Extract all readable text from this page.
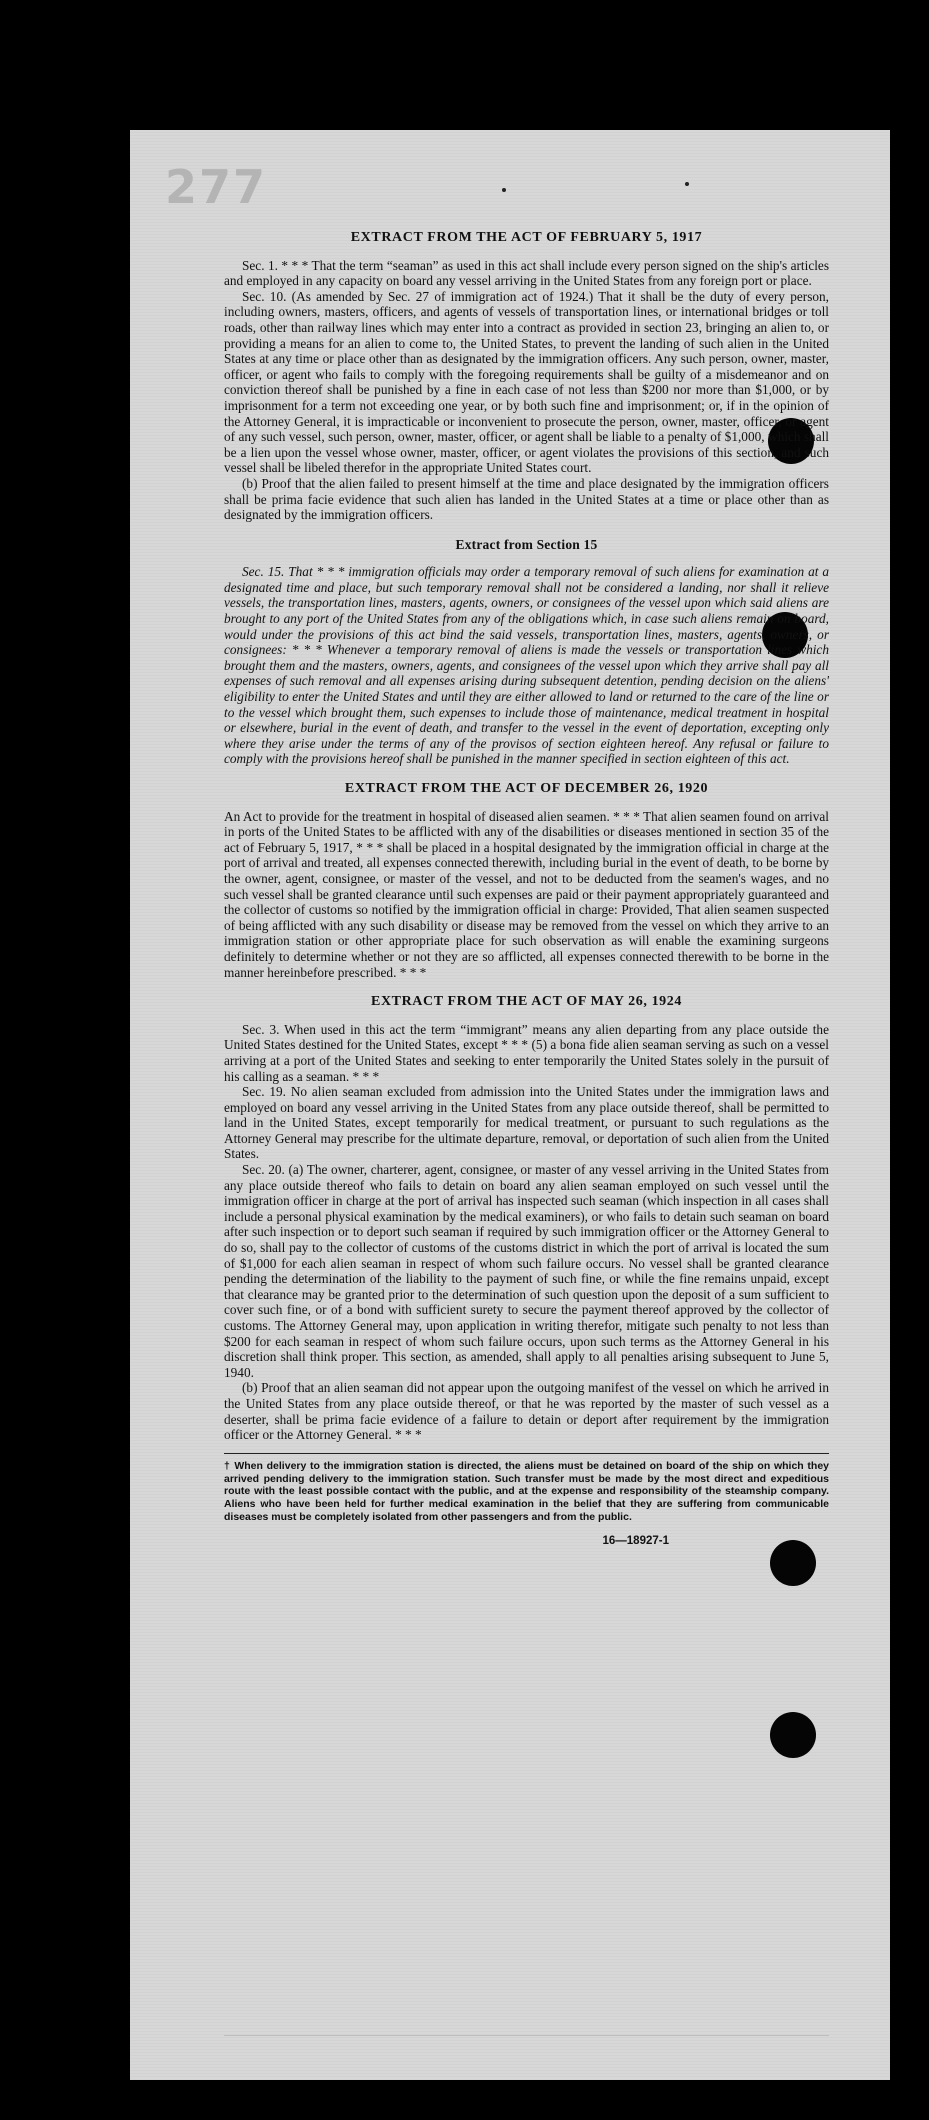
277
EXTRACT FROM THE ACT OF FEBRUARY 5, 1917

Sec. 1. * * * That the term “seaman” as used in this act shall include every person signed on the ship's articles and employed in any capacity on board any vessel arriving in the United States from any foreign port or place.

Sec. 10. (As amended by Sec. 27 of immigration act of 1924.) That it shall be the duty of every person, including owners, masters, officers, and agents of vessels of transportation lines, or international bridges or toll roads, other than railway lines which may enter into a contract as provided in section 23, bringing an alien to, or providing a means for an alien to come to, the United States, to prevent the landing of such alien in the United States at any time or place other than as designated by the immigration officers. Any such person, owner, master, officer, or agent who fails to comply with the foregoing requirements shall be guilty of a misdemeanor and on conviction thereof shall be punished by a fine in each case of not less than $200 nor more than $1,000, or by imprisonment for a term not exceeding one year, or by both such fine and imprisonment; or, if in the opinion of the Attorney General, it is impracticable or inconvenient to prosecute the person, owner, master, officer, or agent of any such vessel, such person, owner, master, officer, or agent shall be liable to a penalty of $1,000, which shall be a lien upon the vessel whose owner, master, officer, or agent violates the provisions of this section, and such vessel shall be libeled therefor in the appropriate United States court.

(b) Proof that the alien failed to present himself at the time and place designated by the immigration officers shall be prima facie evidence that such alien has landed in the United States at a time or place other than as designated by the immigration officers.

Extract from Section 15

Sec. 15. That * * * immigration officials may order a temporary removal of such aliens for examination at a designated time and place, but such temporary removal shall not be considered a landing, nor shall it relieve vessels, the transportation lines, masters, agents, owners, or consignees of the vessel upon which said aliens are brought to any port of the United States from any of the obligations which, in case such aliens remain on board, would under the provisions of this act bind the said vessels, transportation lines, masters, agents, owners, or consignees: * * * Whenever a temporary removal of aliens is made the vessels or transportation lines which brought them and the masters, owners, agents, and consignees of the vessel upon which they arrive shall pay all expenses of such removal and all expenses arising during subsequent detention, pending decision on the aliens' eligibility to enter the United States and until they are either allowed to land or returned to the care of the line or to the vessel which brought them, such expenses to include those of maintenance, medical treatment in hospital or elsewhere, burial in the event of death, and transfer to the vessel in the event of deportation, excepting only where they arise under the terms of any of the provisos of section eighteen hereof. Any refusal or failure to comply with the provisions hereof shall be punished in the manner specified in section eighteen of this act.

EXTRACT FROM THE ACT OF DECEMBER 26, 1920

An Act to provide for the treatment in hospital of diseased alien seamen. * * * That alien seamen found on arrival in ports of the United States to be afflicted with any of the disabilities or diseases mentioned in section 35 of the act of February 5, 1917, * * * shall be placed in a hospital designated by the immigration official in charge at the port of arrival and treated, all expenses connected therewith, including burial in the event of death, to be borne by the owner, agent, consignee, or master of the vessel, and not to be deducted from the seamen's wages, and no such vessel shall be granted clearance until such expenses are paid or their payment appropriately guaranteed and the collector of customs so notified by the immigration official in charge: Provided, That alien seamen suspected of being afflicted with any such disability or disease may be removed from the vessel on which they arrive to an immigration station or other appropriate place for such observation as will enable the examining surgeons definitely to determine whether or not they are so afflicted, all expenses connected therewith to be borne in the manner hereinbefore prescribed. * * *

EXTRACT FROM THE ACT OF MAY 26, 1924

Sec. 3. When used in this act the term “immigrant” means any alien departing from any place outside the United States destined for the United States, except * * * (5) a bona fide alien seaman serving as such on a vessel arriving at a port of the United States and seeking to enter temporarily the United States solely in the pursuit of his calling as a seaman. * * *

Sec. 19. No alien seaman excluded from admission into the United States under the immigration laws and employed on board any vessel arriving in the United States from any place outside thereof, shall be permitted to land in the United States, except temporarily for medical treatment, or pursuant to such regulations as the Attorney General may prescribe for the ultimate departure, removal, or deportation of such alien from the United States.

Sec. 20. (a) The owner, charterer, agent, consignee, or master of any vessel arriving in the United States from any place outside thereof who fails to detain on board any alien seaman employed on such vessel until the immigration officer in charge at the port of arrival has inspected such seaman (which inspection in all cases shall include a personal physical examination by the medical examiners), or who fails to detain such seaman on board after such inspection or to deport such seaman if required by such immigration officer or the Attorney General to do so, shall pay to the collector of customs of the customs district in which the port of arrival is located the sum of $1,000 for each alien seaman in respect of whom such failure occurs. No vessel shall be granted clearance pending the determination of the liability to the payment of such fine, or while the fine remains unpaid, except that clearance may be granted prior to the determination of such question upon the deposit of a sum sufficient to cover such fine, or of a bond with sufficient surety to secure the payment thereof approved by the collector of customs. The Attorney General may, upon application in writing therefor, mitigate such penalty to not less than $200 for each seaman in respect of whom such failure occurs, upon such terms as the Attorney General in his discretion shall think proper. This section, as amended, shall apply to all penalties arising subsequent to June 5, 1940.

(b) Proof that an alien seaman did not appear upon the outgoing manifest of the vessel on which he arrived in the United States from any place outside thereof, or that he was reported by the master of such vessel as a deserter, shall be prima facie evidence of a failure to detain or deport after requirement by the immigration officer or the Attorney General. * * *

† When delivery to the immigration station is directed, the aliens must be detained on board of the ship on which they arrived pending delivery to the immigration station. Such transfer must be made by the most direct and expeditious route with the least possible contact with the public, and at the expense and responsibility of the steamship company. Aliens who have been held for further medical examination in the belief that they are suffering from communicable diseases must be completely isolated from other passengers and from the public.
16—18927-1
